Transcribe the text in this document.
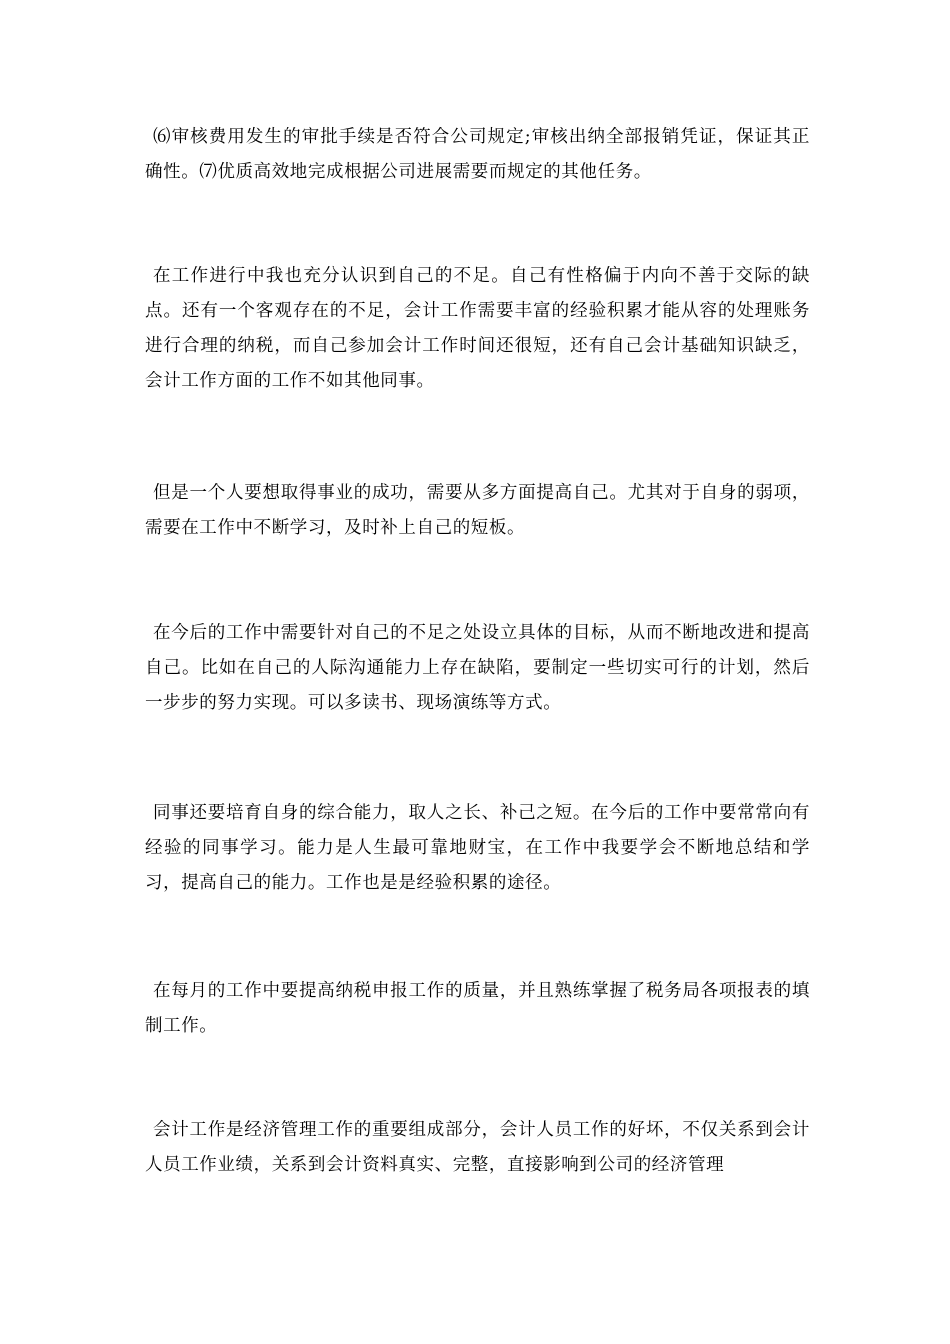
⑹审核费用发生的审批手续是否符合公司规定;审核出纳全部报销凭证，保证其正确性。⑺优质高效地完成根据公司进展需要而规定的其他任务。

在工作进行中我也充分认识到自己的不足。自己有性格偏于内向不善于交际的缺点。还有一个客观存在的不足，会计工作需要丰富的经验积累才能从容的处理账务进行合理的纳税，而自己参加会计工作时间还很短，还有自己会计基础知识缺乏，会计工作方面的工作不如其他同事。

但是一个人要想取得事业的成功，需要从多方面提高自己。尤其对于自身的弱项，需要在工作中不断学习，及时补上自己的短板。

在今后的工作中需要针对自己的不足之处设立具体的目标，从而不断地改进和提高自己。比如在自己的人际沟通能力上存在缺陷，要制定一些切实可行的计划，然后一步步的努力实现。可以多读书、现场演练等方式。

同事还要培育自身的综合能力，取人之长、补己之短。在今后的工作中要常常向有经验的同事学习。能力是人生最可靠地财宝，在工作中我要学会不断地总结和学习，提高自己的能力。工作也是是经验积累的途径。

在每月的工作中要提高纳税申报工作的质量，并且熟练掌握了税务局各项报表的填制工作。

会计工作是经济管理工作的重要组成部分，会计人员工作的好坏，不仅关系到会计人员工作业绩，关系到会计资料真实、完整，直接影响到公司的经济管理
